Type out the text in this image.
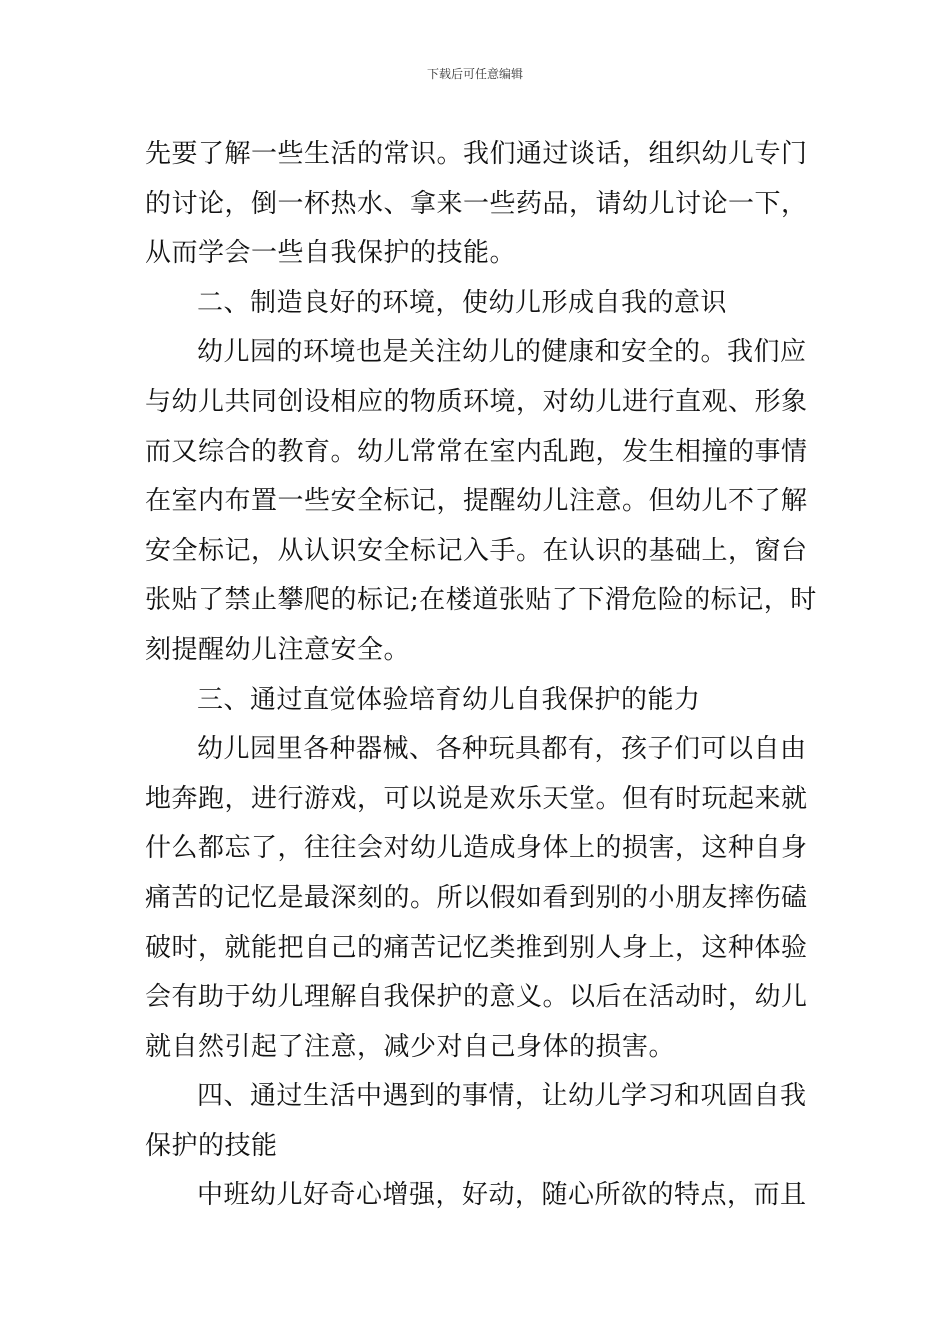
下载后可任意编辑
先要了解一些生活的常识。我们通过谈话，组织幼儿专门
的讨论，倒一杯热水、拿来一些药品，请幼儿讨论一下，
从而学会一些自我保护的技能。
二、制造良好的环境，使幼儿形成自我的意识
幼儿园的环境也是关注幼儿的健康和安全的。我们应
与幼儿共同创设相应的物质环境，对幼儿进行直观、形象
而又综合的教育。幼儿常常在室内乱跑，发生相撞的事情
在室内布置一些安全标记，提醒幼儿注意。但幼儿不了解
安全标记，从认识安全标记入手。在认识的基础上，窗台
张贴了禁止攀爬的标记;在楼道张贴了下滑危险的标记，时
刻提醒幼儿注意安全。
三、通过直觉体验培育幼儿自我保护的能力
幼儿园里各种器械、各种玩具都有，孩子们可以自由
地奔跑，进行游戏，可以说是欢乐天堂。但有时玩起来就
什么都忘了，往往会对幼儿造成身体上的损害，这种自身
痛苦的记忆是最深刻的。所以假如看到别的小朋友摔伤磕
破时，就能把自己的痛苦记忆类推到别人身上，这种体验
会有助于幼儿理解自我保护的意义。以后在活动时，幼儿
就自然引起了注意，减少对自己身体的损害。
四、通过生活中遇到的事情，让幼儿学习和巩固自我
保护的技能
中班幼儿好奇心增强，好动，随心所欲的特点，而且
